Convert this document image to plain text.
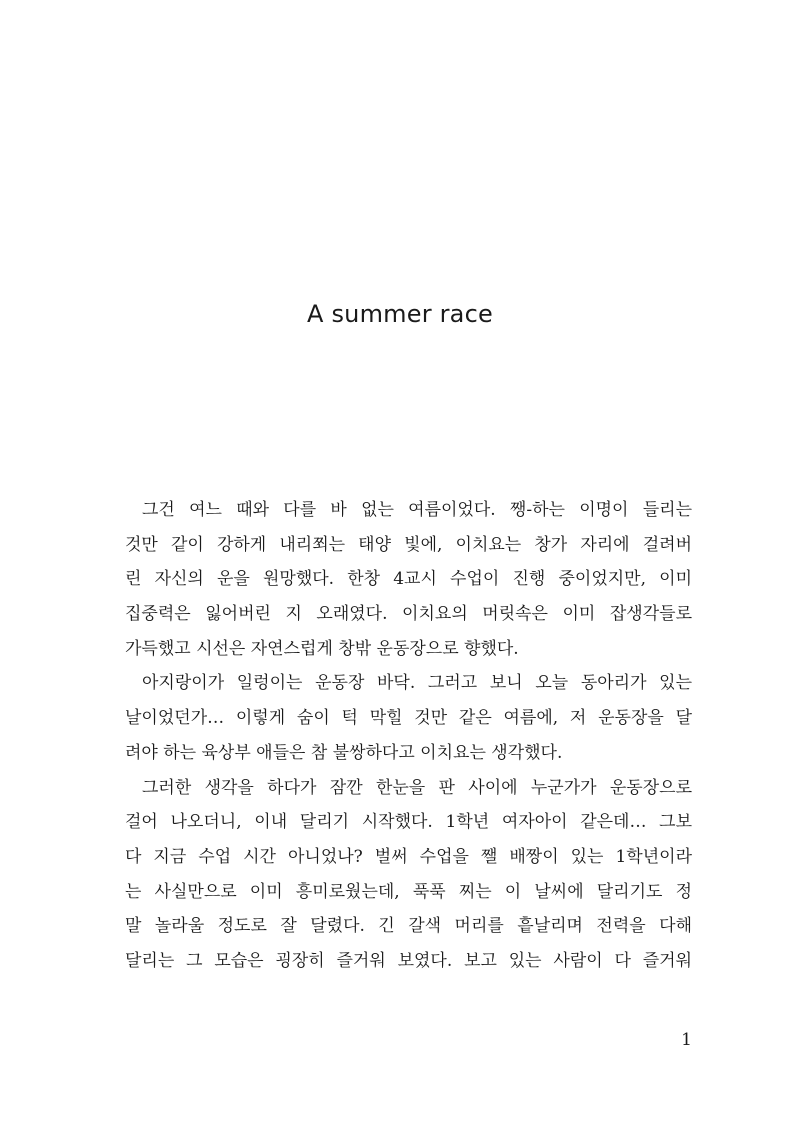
A summer race
그건 여느 때와 다를 바 없는 여름이었다. 쨍-하는 이명이 들리는
것만 같이 강하게 내리쬐는 태양 빛에, 이치요는 창가 자리에 걸려버
린 자신의 운을 원망했다. 한창 4교시 수업이 진행 중이었지만, 이미
집중력은 잃어버린 지 오래였다. 이치요의 머릿속은 이미 잡생각들로
가득했고 시선은 자연스럽게 창밖 운동장으로 향했다.
아지랑이가 일렁이는 운동장 바닥. 그러고 보니 오늘 동아리가 있는
날이었던가… 이렇게 숨이 턱 막힐 것만 같은 여름에, 저 운동장을 달
려야 하는 육상부 애들은 참 불쌍하다고 이치요는 생각했다.
그러한 생각을 하다가 잠깐 한눈을 판 사이에 누군가가 운동장으로
걸어 나오더니, 이내 달리기 시작했다. 1학년 여자아이 같은데… 그보
다 지금 수업 시간 아니었나? 벌써 수업을 쨀 배짱이 있는 1학년이라
는 사실만으로 이미 흥미로웠는데, 푹푹 찌는 이 날씨에 달리기도 정
말 놀라울 정도로 잘 달렸다. 긴 갈색 머리를 흩날리며 전력을 다해
달리는 그 모습은 굉장히 즐거워 보였다. 보고 있는 사람이 다 즐거워
1
